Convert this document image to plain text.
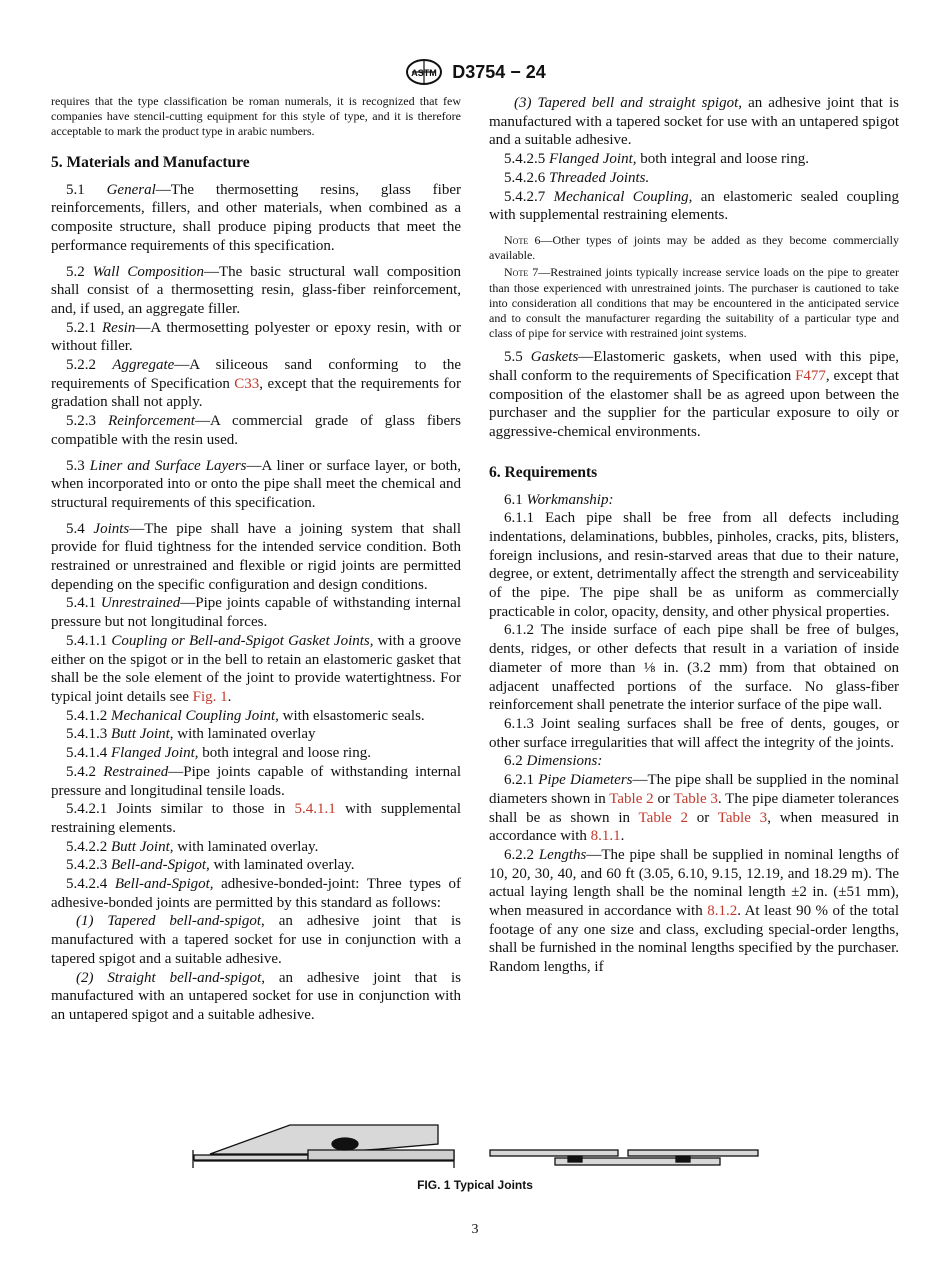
ASTM D3754 − 24

requires that the type classification be roman numerals, it is recognized that few companies have stencil-cutting equipment for this style of type, and it is therefore acceptable to mark the product type in arabic numbers.

5. Materials and Manufacture

5.1 General—The thermosetting resins, glass fiber reinforcements, fillers, and other materials, when combined as a composite structure, shall produce piping products that meet the performance requirements of this specification.

5.2 Wall Composition—The basic structural wall composition shall consist of a thermosetting resin, glass-fiber reinforcement, and, if used, an aggregate filler.

5.2.1 Resin—A thermosetting polyester or epoxy resin, with or without filler.

5.2.2 Aggregate—A siliceous sand conforming to the requirements of Specification C33, except that the requirements for gradation shall not apply.

5.2.3 Reinforcement—A commercial grade of glass fibers compatible with the resin used.

5.3 Liner and Surface Layers—A liner or surface layer, or both, when incorporated into or onto the pipe shall meet the chemical and structural requirements of this specification.

5.4 Joints—The pipe shall have a joining system that shall provide for fluid tightness for the intended service condition. Both restrained or unrestrained and flexible or rigid joints are permitted depending on the specific configuration and design conditions.

5.4.1 Unrestrained—Pipe joints capable of withstanding internal pressure but not longitudinal forces.

5.4.1.1 Coupling or Bell-and-Spigot Gasket Joints, with a groove either on the spigot or in the bell to retain an elastomeric gasket that shall be the sole element of the joint to provide watertightness. For typical joint details see Fig. 1.

5.4.1.2 Mechanical Coupling Joint, with elsastomeric seals.

5.4.1.3 Butt Joint, with laminated overlay

5.4.1.4 Flanged Joint, both integral and loose ring.

5.4.2 Restrained—Pipe joints capable of withstanding internal pressure and longitudinal tensile loads.

5.4.2.1 Joints similar to those in 5.4.1.1 with supplemental restraining elements.

5.4.2.2 Butt Joint, with laminated overlay.

5.4.2.3 Bell-and-Spigot, with laminated overlay.

5.4.2.4 Bell-and-Spigot, adhesive-bonded-joint: Three types of adhesive-bonded joints are permitted by this standard as follows:

(1) Tapered bell-and-spigot, an adhesive joint that is manufactured with a tapered socket for use in conjunction with a tapered spigot and a suitable adhesive.

(2) Straight bell-and-spigot, an adhesive joint that is manufactured with an untapered socket for use in conjunction with an untapered spigot and a suitable adhesive.

(3) Tapered bell and straight spigot, an adhesive joint that is manufactured with a tapered socket for use with an untapered spigot and a suitable adhesive.

5.4.2.5 Flanged Joint, both integral and loose ring.

5.4.2.6 Threaded Joints.

5.4.2.7 Mechanical Coupling, an elastomeric sealed coupling with supplemental restraining elements.

Note 6—Other types of joints may be added as they become commercially available.

Note 7—Restrained joints typically increase service loads on the pipe to greater than those experienced with unrestrained joints. The purchaser is cautioned to take into consideration all conditions that may be encountered in the anticipated service and to consult the manufacturer regarding the suitability of a particular type and class of pipe for service with restrained joint systems.

5.5 Gaskets—Elastomeric gaskets, when used with this pipe, shall conform to the requirements of Specification F477, except that composition of the elastomer shall be as agreed upon between the purchaser and the supplier for the particular exposure to oily or aggressive-chemical environments.

6. Requirements

6.1 Workmanship:

6.1.1 Each pipe shall be free from all defects including indentations, delaminations, bubbles, pinholes, cracks, pits, blisters, foreign inclusions, and resin-starved areas that due to their nature, degree, or extent, detrimentally affect the strength and serviceability of the pipe. The pipe shall be as uniform as commercially practicable in color, opacity, density, and other physical properties.

6.1.2 The inside surface of each pipe shall be free of bulges, dents, ridges, or other defects that result in a variation of inside diameter of more than ⅛ in. (3.2 mm) from that obtained on adjacent unaffected portions of the surface. No glass-fiber reinforcement shall penetrate the interior surface of the pipe wall.

6.1.3 Joint sealing surfaces shall be free of dents, gouges, or other surface irregularities that will affect the integrity of the joints.

6.2 Dimensions:

6.2.1 Pipe Diameters—The pipe shall be supplied in the nominal diameters shown in Table 2 or Table 3. The pipe diameter tolerances shall be as shown in Table 2 or Table 3, when measured in accordance with 8.1.1.

6.2.2 Lengths—The pipe shall be supplied in nominal lengths of 10, 20, 30, 40, and 60 ft (3.05, 6.10, 9.15, 12.19, and 18.29 m). The actual laying length shall be the nominal length ±2 in. (±51 mm), when measured in accordance with 8.1.2. At least 90 % of the total footage of any one size and class, excluding special-order lengths, shall be furnished in the nominal lengths specified by the purchaser. Random lengths, if

FIG. 1 Typical Joints
3
